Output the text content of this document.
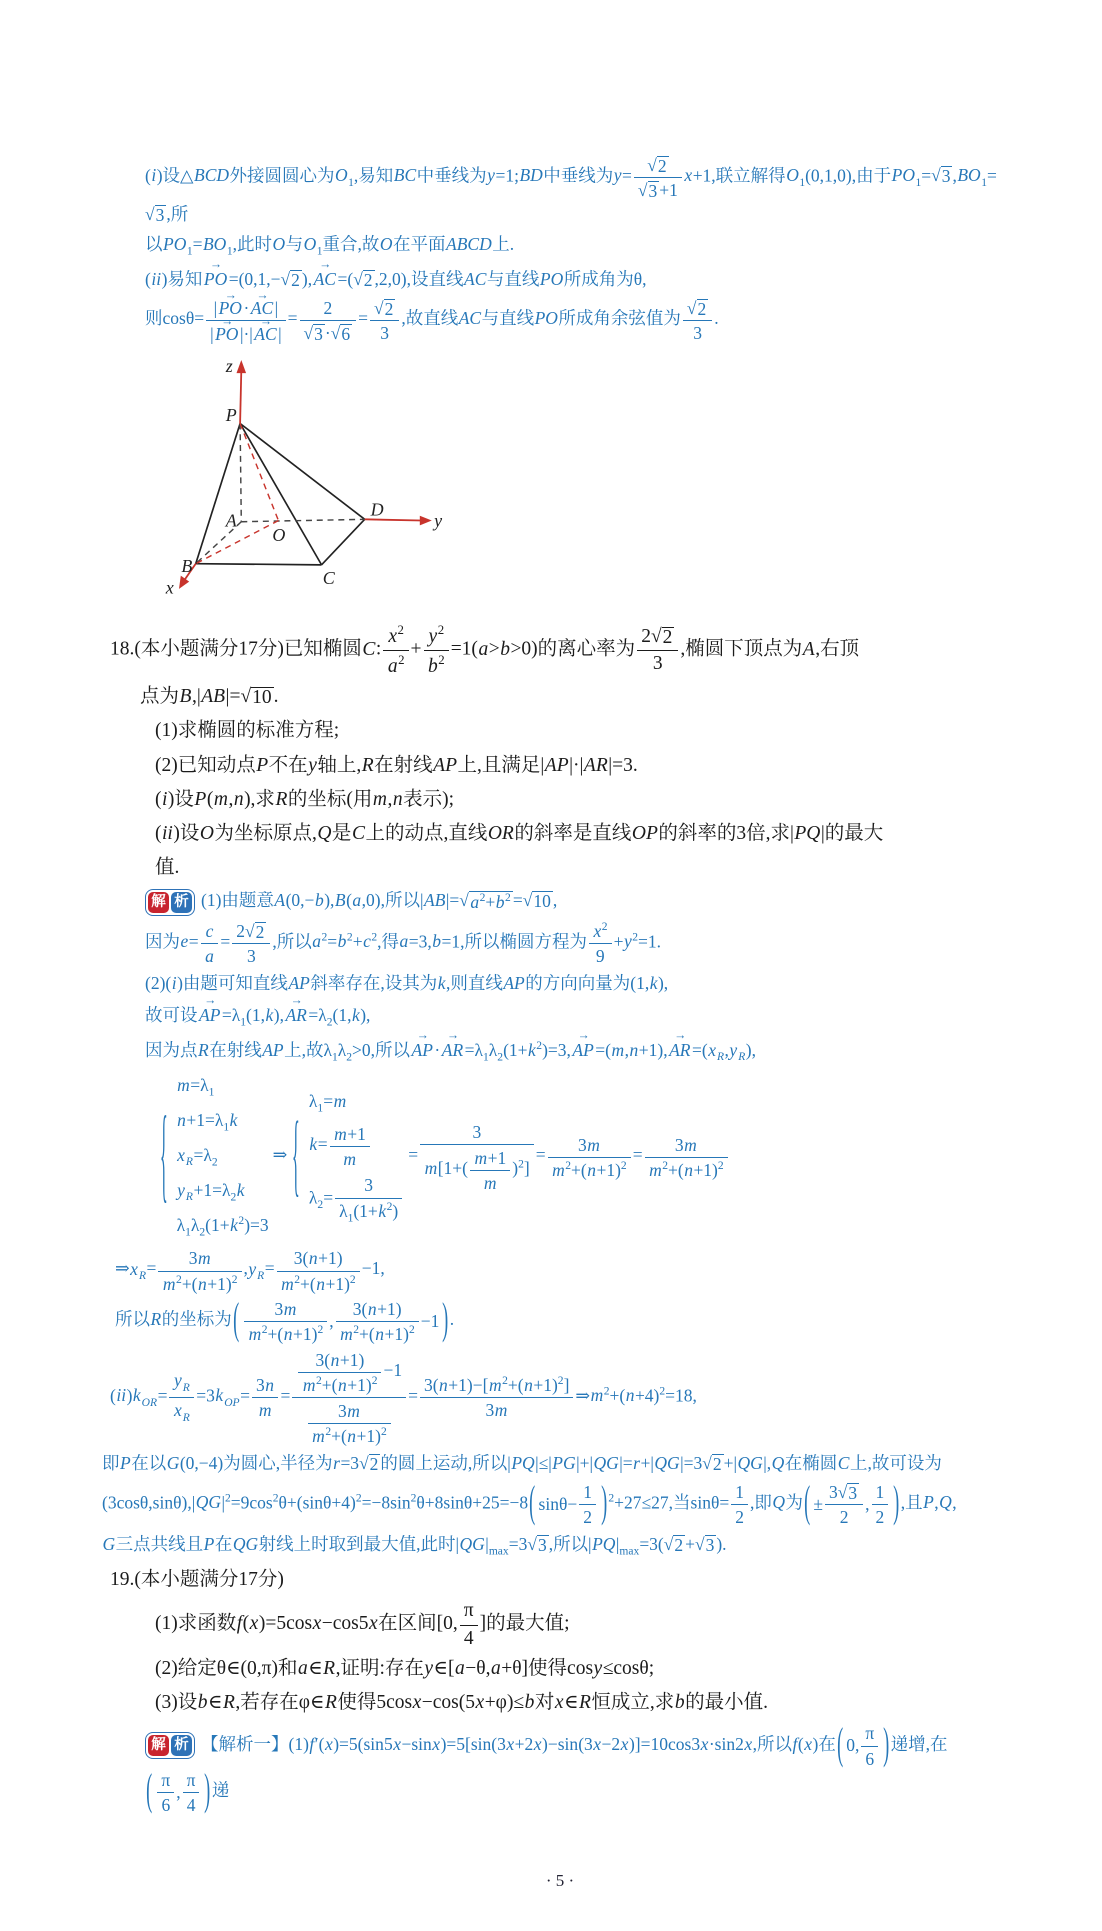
(i)设△BCD外接圆圆心为$O_1$,易知BC中垂线为y=1;BD中垂线为$y= \frac{√ 2}{√ 3 +1} x+1$,联立解得$O_1(0,1,0)$,由于$PO_1=$ √ 3 $,BO_1=$
√ 3 ,所
以$PO_1=BO_1$,此时O与$O_1$重合,故O在平面ABCD上.
(ii)易知→ PO=(0,1,− √ 2 ),→ AC=( √ 2 ,2,0),设直线AC与直线PO所成角为θ,
则$\cos\theta= \frac{|\to PO\cdot\to AC|}{|\to PO|\cdot|\to AC|} = \frac{2}{√ 3 \cdot √ 6} = \frac{√ 2}{3}$ ,故直线AC与直线PO所成角余弦值为 $\frac{√ 2}{3}$ .
z
y
x
P
A
B
C
D
O
18.(本小题满分17分)已知椭圆C: $\frac{x^2}{a^2} + \frac{y^2}{b^2} =1(a>b>0)$的离心率为 $\frac{2 √ 2}{3}$ ,椭圆下顶点为A,右顶
点为B,|AB|= √ 10 .
(1)求椭圆的标准方程;
(2)已知动点P不在y轴上,R在射线AP上,且满足|AP|·|AR|=3.
(i)设P(m,n),求R的坐标(用m,n表示);
(ii)设O为坐标原点,Q是C上的动点,直线OR的斜率是直线OP的斜率的3倍,求|PQ|的最大
值.
解 析 (1)由题意A(0,−b),B(a,0),所以|AB|= √ $a^2+b^2$ = √ 10 ,
因为$e= \frac{c}{a} = \frac{2 √ 2}{3}$ ,所以$a^2=b^2+c^2$,得a=3,b=1,所以椭圆方程为 $\frac{x^2}{9} +y^2=1$.
(2)(i)由题可知直线AP斜率存在,设其为k,则直线AP的方向向量为(1,k),
故可设→ $AP=\lambda_1(1,k),\to AR=\lambda_2(1,k)$,
因为点R在射线AP上,故$\lambda_1\lambda_2>0$,所以→ $AP\cdot\to AR=\lambda_1\lambda_2(1+k^2)=3,\to AP=(m,n+1),\to AR=(x_R,y_R)$,
{
$m=\lambda_1$
$n+1=\lambda_1k$
$x_R=\lambda_2$
$y_R+1=\lambda_2k$
$\lambda_1\lambda_2(1+k^2)=3$
⇒ {
$\lambda_1=m$
$k= \frac{m+1}{m}$
$\lambda_2= \frac{3}{\lambda_1(1+k^2)}$
= $\frac{3}{m[1+( \frac{m+1}{m} )^2]} = \frac{3m}{m^2+(n+1)^2} = \frac{3m}{m^2+(n+1)^2}$
$\Rightarrow x_R= \frac{3m}{m^2+(n+1)^2} ,y_R= \frac{3(n+1)}{m^2+(n+1)^2} -1$,
所以R的坐标为 (	3m
$m^2+(n+1)^2$ ,
3(n+1)
$m^2+(n+1)^2 -1$ ) .
$(ii)k_{OR}= \frac{y_R}{x_R} =3k_{OP}= \frac{3n}{m} = \frac{\frac{3(n+1)}{m^2+(n+1)^2} -1}{\frac{3m}{m^2+(n+1)^2}} = \frac{3(n+1)-[m^2+(n+1)^2]}{3m}$ $\Rightarrow m^2+(n+4)^2=18$,
即P在以G(0,−4)为圆心,半径为r=3 √ 2 的圆上运动,所以|PQ|≤|PG|+|QG|=r+|QG|=3 √ 2 +|QG|,Q在椭圆C上,故可设为
$(3\cos\theta,\sin\theta),|QG|^2=9\cos^2\theta+(\sin\theta+4)^2=-8\sin^2\theta+8\sin\theta+25=-8$ ( sin θ−
1
2 ) $^2$+27≤27,当$\sin\theta= \frac{1}{2}$ ,即Q为 ( ±
3 √ 3
2
,
1
2 ) ,且P,Q,
G三点共线且P在QG射线上时取到最大值,此时$|QG|_{max}=3$ √ 3 ,所以$|PQ|_{max}=3$( √ 2 + √ 3 ).
19.(本小题满分17分)
(1)求函数f(x)=5cosx−cos5x在区间[0, $\frac{\pi}{4}$ ]的最大值;
(2)给定θ∈(0,π)和a∈R,证明:存在y∈[a−θ,a+θ]使得cosy≤cosθ;
(3)设b∈R,若存在φ∈R使得5cosx−cos(5x+φ)≤b对x∈R恒成立,求b的最小值.
解 析 【解析一】(1)f′(x)=5(sin5x−sinx)=5[sin(3x+2x)−sin(3x−2x)]=10cos3x·sin2x,所以f(x)在 ( 0,
π
6 ) 递增,在
( π
6
,
π
4 ) 递
· 5 ·
